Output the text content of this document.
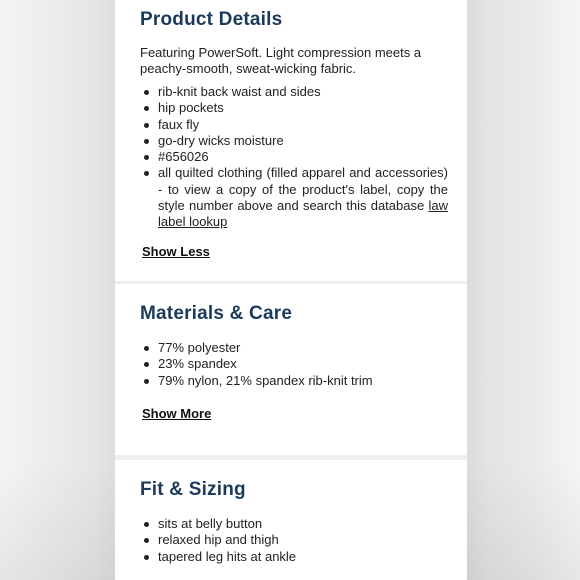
Product Details

Featuring PowerSoft. Light compression meets a peachy-smooth, sweat-wicking fabric.

rib-knit back waist and sides
hip pockets
faux fly
go-dry wicks moisture
#656026
all quilted clothing (filled apparel and accessories) - to view a copy of the product's label, copy the style number above and search this database law label lookup
Show Less
Materials & Care
77% polyester
23% spandex
79% nylon, 21% spandex rib-knit trim
Show More
Fit & Sizing
sits at belly button
relaxed hip and thigh
tapered leg hits at ankle
